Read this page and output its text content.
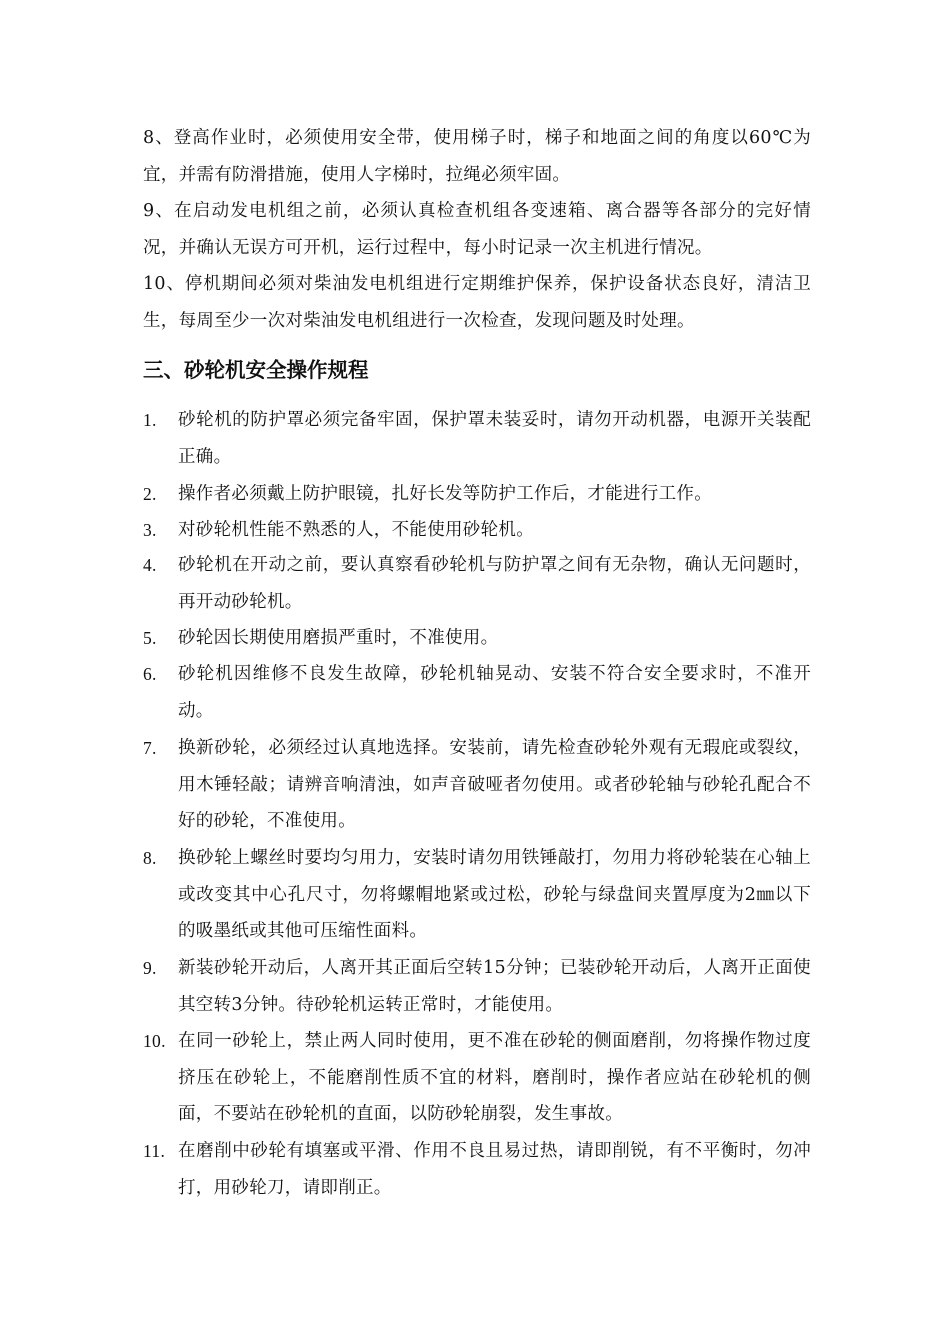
8、登高作业时，必须使用安全带，使用梯子时，梯子和地面之间的角度以60℃为宜，并需有防滑措施，使用人字梯时，拉绳必须牢固。

9、在启动发电机组之前，必须认真检查机组各变速箱、离合器等各部分的完好情况，并确认无误方可开机，运行过程中，每小时记录一次主机进行情况。

10、停机期间必须对柴油发电机组进行定期维护保养，保护设备状态良好，清洁卫生，每周至少一次对柴油发电机组进行一次检查，发现问题及时处理。

三、砂轮机安全操作规程
1.	砂轮机的防护罩必须完备牢固，保护罩未装妥时，请勿开动机器，电源开关装配正确。
2.	操作者必须戴上防护眼镜，扎好长发等防护工作后，才能进行工作。
3.	对砂轮机性能不熟悉的人，不能使用砂轮机。
4.	砂轮机在开动之前，要认真察看砂轮机与防护罩之间有无杂物，确认无问题时，再开动砂轮机。
5.	砂轮因长期使用磨损严重时，不准使用。
6.	砂轮机因维修不良发生故障，砂轮机轴晃动、安装不符合安全要求时，不准开动。
7.	换新砂轮，必须经过认真地选择。安装前，请先检查砂轮外观有无瑕庇或裂纹，用木锤轻敲；请辨音响清浊，如声音破哑者勿使用。或者砂轮轴与砂轮孔配合不好的砂轮，不准使用。
8.	换砂轮上螺丝时要均匀用力，安装时请勿用铁锤敲打，勿用力将砂轮装在心轴上或改变其中心孔尺寸，勿将螺帽地紧或过松，砂轮与绿盘间夹置厚度为2㎜以下的吸墨纸或其他可压缩性面料。
9.	新装砂轮开动后，人离开其正面后空转15分钟；已装砂轮开动后，人离开正面使其空转3分钟。待砂轮机运转正常时，才能使用。
10. 在同一砂轮上，禁止两人同时使用，更不准在砂轮的侧面磨削，勿将操作物过度挤压在砂轮上，不能磨削性质不宜的材料，磨削时，操作者应站在砂轮机的侧面，不要站在砂轮机的直面，以防砂轮崩裂，发生事故。
11. 在磨削中砂轮有填塞或平滑、作用不良且易过热，请即削锐，有不平衡时，勿冲打，用砂轮刀，请即削正。
